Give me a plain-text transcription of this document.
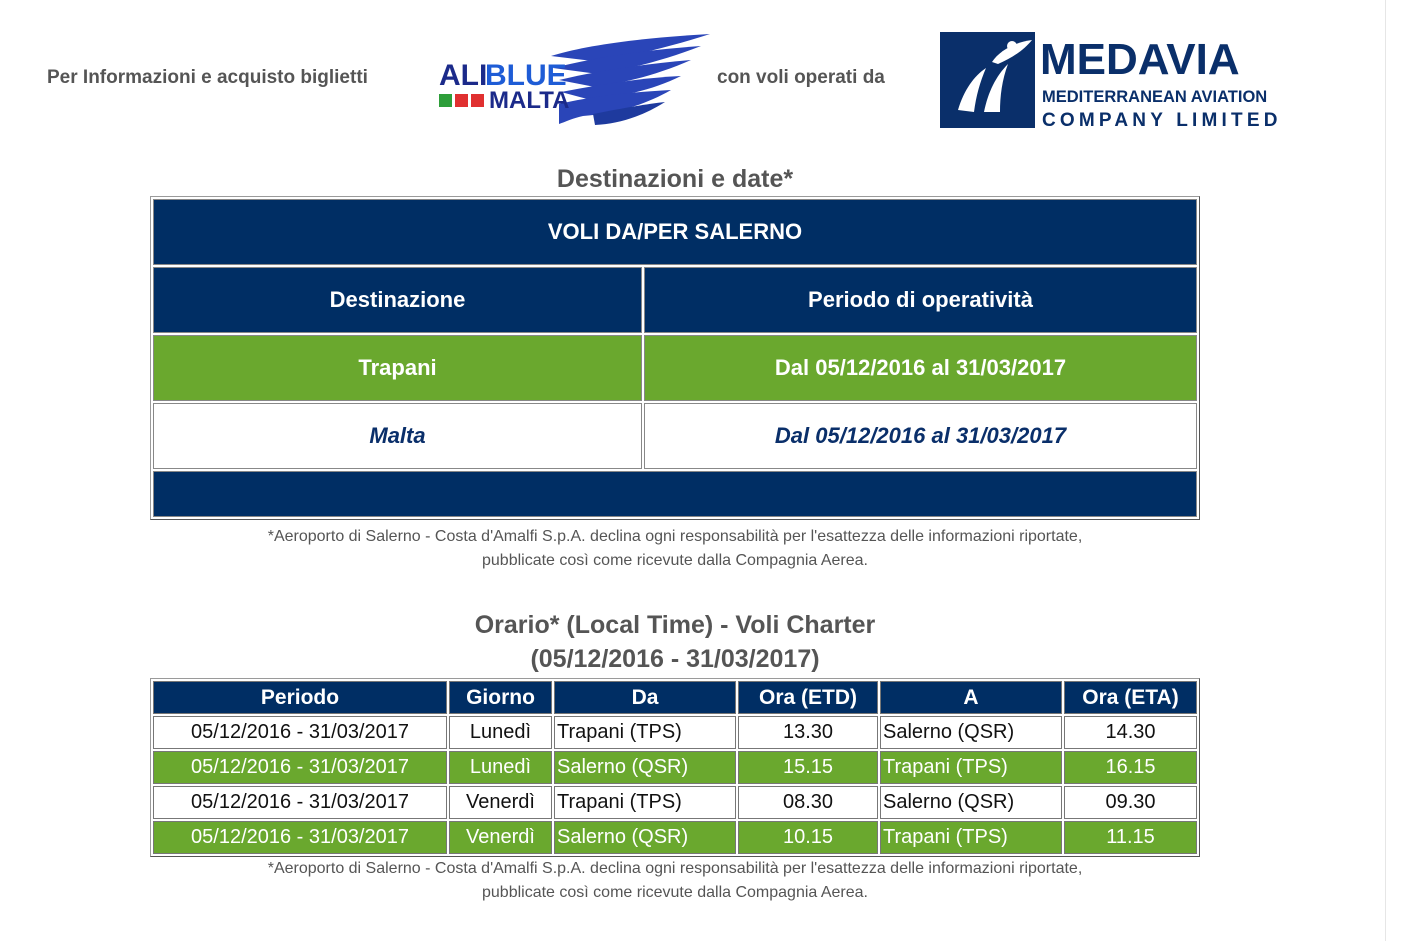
Per Informazioni e acquisto biglietti ALI
BLUE
MALTA
con voli operati da	MEDAVIA
MEDITERRANEAN AVIATION
COMPANY LIMITED
Destinazioni e date*
VOLI DA/PER SALERNO	
Destinazione	Periodo di operatività
Trapani	Dal 05/12/2016 al 31/03/2017
Malta	Dal 05/12/2016 al 31/03/2017

*Aeroporto di Salerno - Costa d'Amalfi S.p.A. declina ogni responsabilità per l'esattezza delle informazioni riportate,
pubblicate così come ricevute dalla Compagnia Aerea.
Orario* (Local Time) - Voli Charter
(05/12/2016 - 31/03/2017)
Periodo	Giorno	Da	Ora (ETD)	A	Ora (ETA)
05/12/2016 - 31/03/2017	Lunedì	Trapani (TPS)	13.30	Salerno (QSR)	14.30
05/12/2016 - 31/03/2017	Lunedì	Salerno (QSR)	15.15	Trapani (TPS)	16.15
05/12/2016 - 31/03/2017	Venerdì	Trapani (TPS)	08.30	Salerno (QSR)	09.30
05/12/2016 - 31/03/2017	Venerdì	Salerno (QSR)	10.15	Trapani (TPS)	11.15
*Aeroporto di Salerno - Costa d'Amalfi S.p.A. declina ogni responsabilità per l'esattezza delle informazioni riportate,
pubblicate così come ricevute dalla Compagnia Aerea.
